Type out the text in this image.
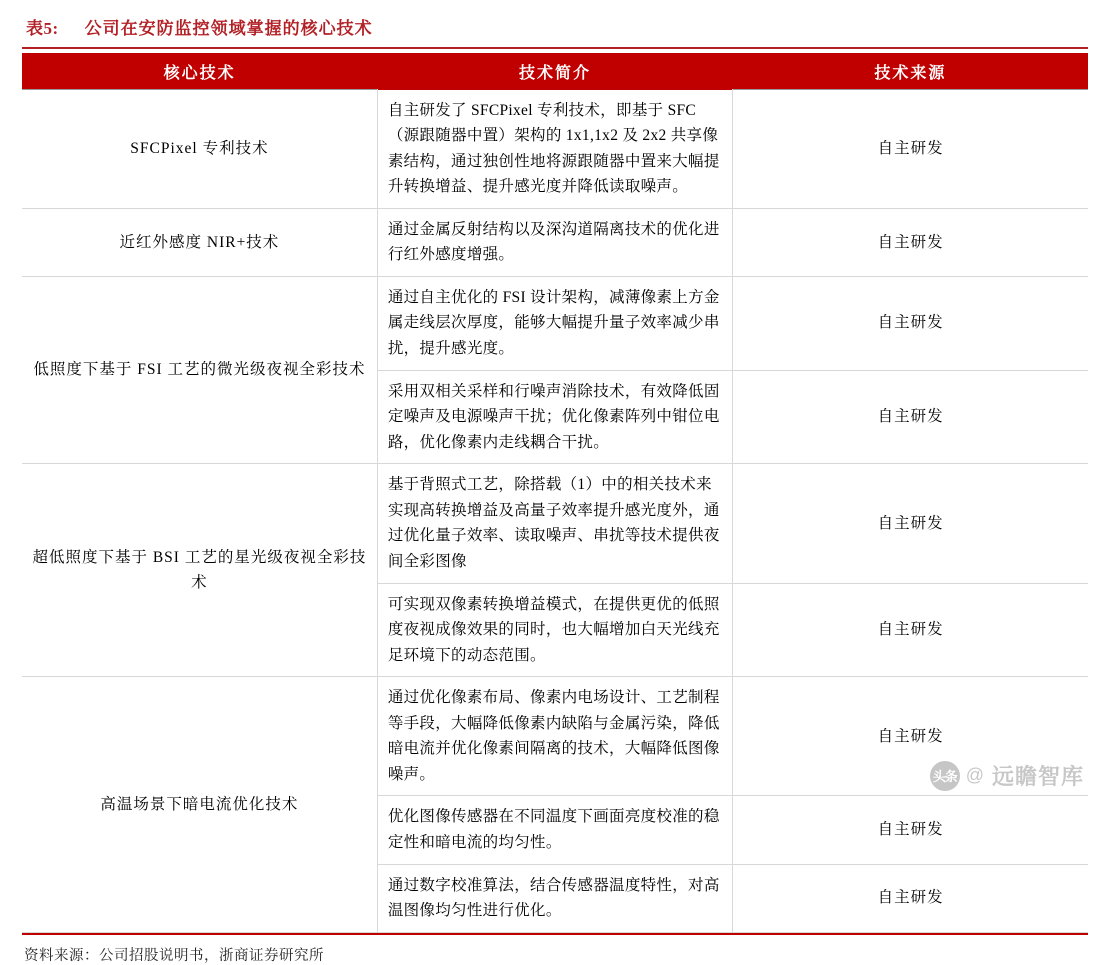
表5: 公司在安防监控领域掌握的核心技术
核心技术	技术简介	技术来源
SFCPixel 专利技术	自主研发了 SFCPixel 专利技术，即基于 SFC（源跟随器中置）架构的 1x1,1x2 及 2x2 共享像素结构，通过独创性地将源跟随器中置来大幅提升转换增益、提升感光度并降低读取噪声。	自主研发
近红外感度 NIR+技术	通过金属反射结构以及深沟道隔离技术的优化进行红外感度增强。	自主研发
低照度下基于 FSI 工艺的微光级夜视全彩技术	通过自主优化的 FSI 设计架构，减薄像素上方金属走线层次厚度，能够大幅提升量子效率减少串扰，提升感光度。	自主研发
	采用双相关采样和行噪声消除技术，有效降低固定噪声及电源噪声干扰；优化像素阵列中钳位电路，优化像素内走线耦合干扰。	自主研发
超低照度下基于 BSI 工艺的星光级夜视全彩技术	基于背照式工艺，除搭载（1）中的相关技术来实现高转换增益及高量子效率提升感光度外，通过优化量子效率、读取噪声、串扰等技术提供夜间全彩图像	自主研发
	可实现双像素转换增益模式，在提供更优的低照度夜视成像效果的同时，也大幅增加白天光线充足环境下的动态范围。	自主研发
高温场景下暗电流优化技术	通过优化像素布局、像素内电场设计、工艺制程等手段，大幅降低像素内缺陷与金属污染，降低暗电流并优化像素间隔离的技术，大幅降低图像噪声。	自主研发
	优化图像传感器在不同温度下画面亮度校准的稳定性和暗电流的均匀性。	自主研发
	通过数字校准算法，结合传感器温度特性，对高温图像均匀性进行优化。	自主研发
资料来源：公司招股说明书，浙商证券研究所
头条 @ 远瞻智库
